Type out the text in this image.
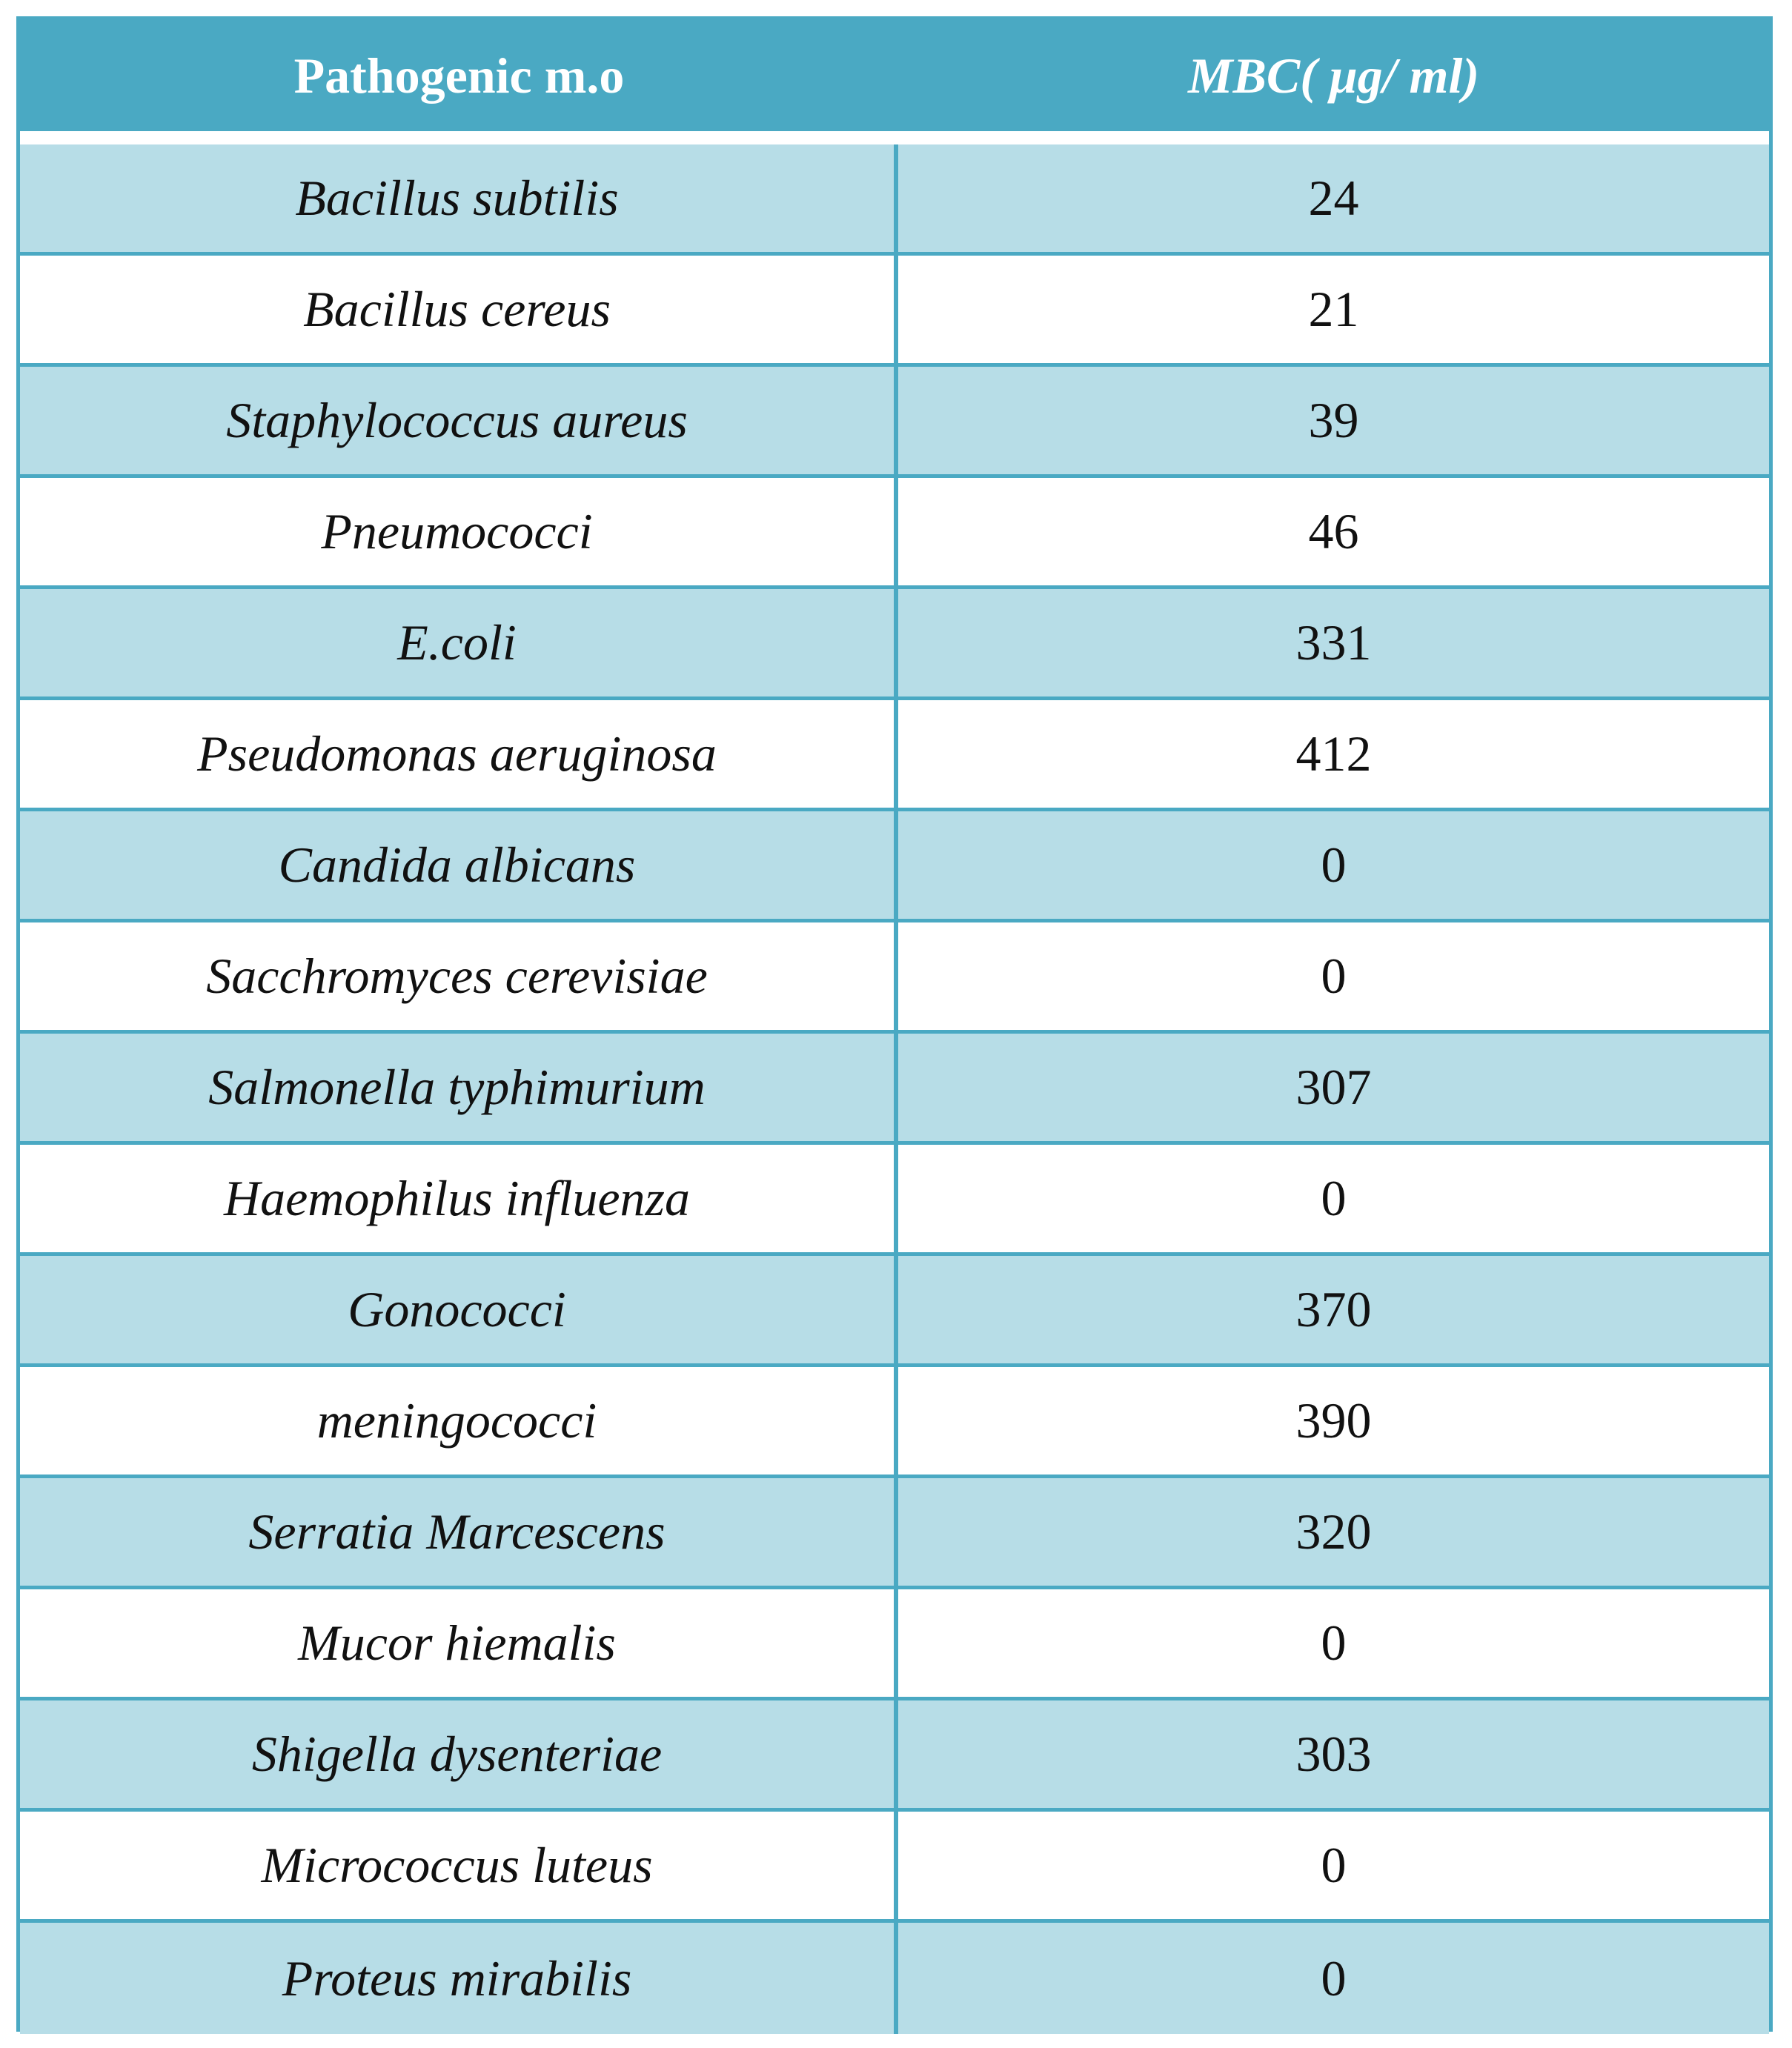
Pathogenic m.o	MBC( μg/ ml)
Bacillus subtilis	24
Bacillus cereus	21
Staphylococcus aureus	39
Pneumococci	46
E.coli	331
Pseudomonas aeruginosa	412
Candida albicans	0
Sacchromyces cerevisiae	0
Salmonella typhimurium	307
Haemophilus influenza	0
Gonococci	370
meningococci	390
Serratia Marcescens	320
Mucor hiemalis	0
Shigella dysenteriae	303
Micrococcus luteus	0
Proteus mirabilis	0
